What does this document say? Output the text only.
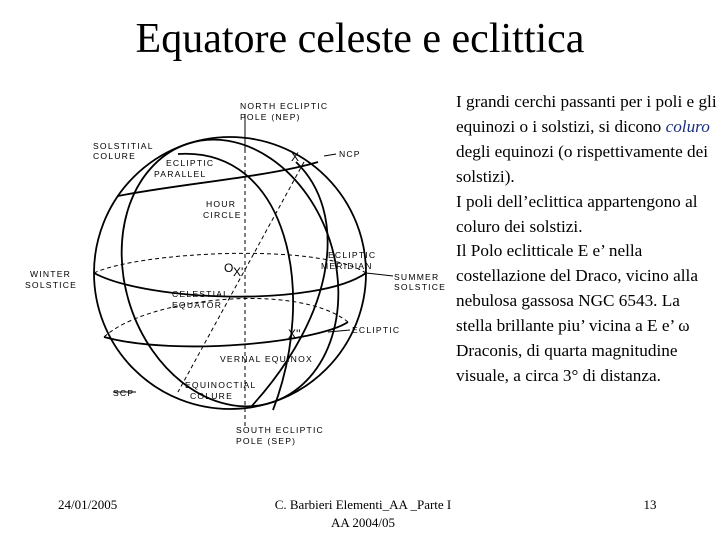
Equatore celeste e eclittica
NORTH ECLIPTIC
POLE (NEP)
SOLSTITIAL
COLURE
ECLIPTIC
PARALLEL
X	NCP
HOUR
CIRCLE
ECLIPTIC
MERIDIAN
WINTER
SOLSTICE
O X'	SUMMER
SOLSTICE
CELESTIAL
EQUATOR
X''	ECLIPTIC
VERNAL EQUINOX
SCP
EQUINOCTIAL
COLURE
SOUTH ECLIPTIC
POLE (SEP)

I grandi cerchi passanti per i poli e gli equinozi o i solstizi, si dicono coluro degli equinozi (o rispettivamente dei solstizi).

I poli dell’eclittica appartengono al coluro dei solstizi.

Il Polo eclitticale E e’ nella costellazione del Draco, vicino alla nebulosa gassosa NGC 6543. La stella brillante piu’ vicina a E e’ ω Draconis, di quarta magnitudine visuale, a circa 3° di distanza.

24/01/2005	C. Barbieri Elementi_AA _Parte I
AA 2004/05
13
